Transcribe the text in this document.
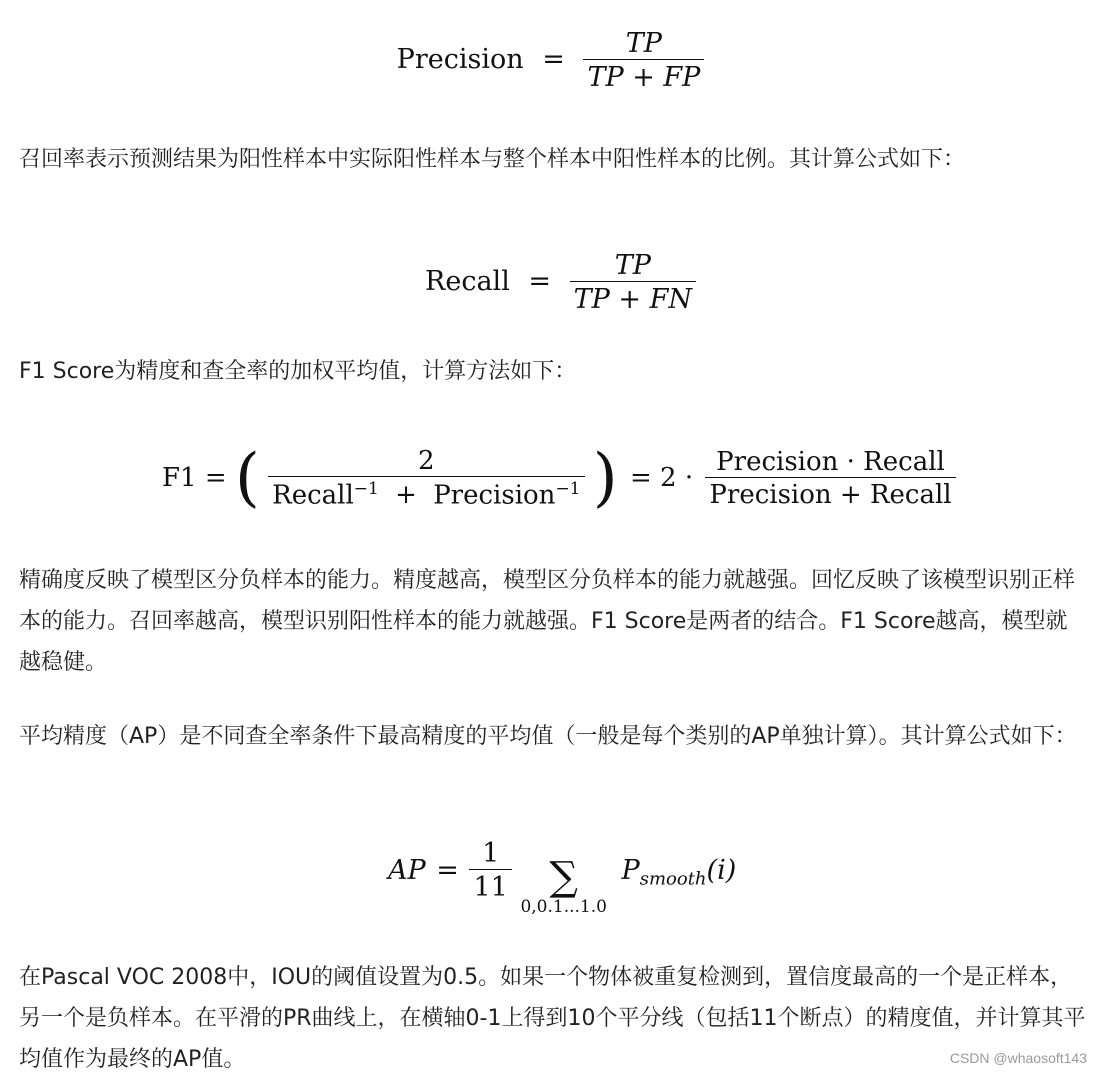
Precision = $\frac{TP}{TP + FP}$
召回率表示预测结果为阳性样本中实际阳性样本与整个样本中阳性样本的比例。其计算公式如下：
Recall = $\frac{TP}{TP + FN}$
F1 Score为精度和查全率的加权平均值，计算方法如下：
F1 = ( $\frac{2}{Recall^{-1} + Precision^{-1}}$ ) = $2 \cdot \frac{\text{Precision · Recall}}{\text{Precision + Recall}}$
精确度反映了模型区分负样本的能力。精度越高，模型区分负样本的能力就越强。回忆反映了该模型识别正样本的能力。召回率越高，模型识别阳性样本的能力就越强。F1 Score是两者的结合。F1 Score越高，模型就越稳健。
平均精度（AP）是不同查全率条件下最高精度的平均值（一般是每个类别的AP单独计算）。其计算公式如下：
AP = $\frac{1}{11}$
∑
0,0.1...1.0
$P_{smooth}(i)$
在Pascal VOC 2008中，IOU的阈值设置为0.5。如果一个物体被重复检测到，置信度最高的一个是正样本，另一个是负样本。在平滑的PR曲线上，在横轴0-1上得到10个平分线（包括11个断点）的精度值，并计算其平均值作为最终的AP值。	CSDN @whaosoft143
